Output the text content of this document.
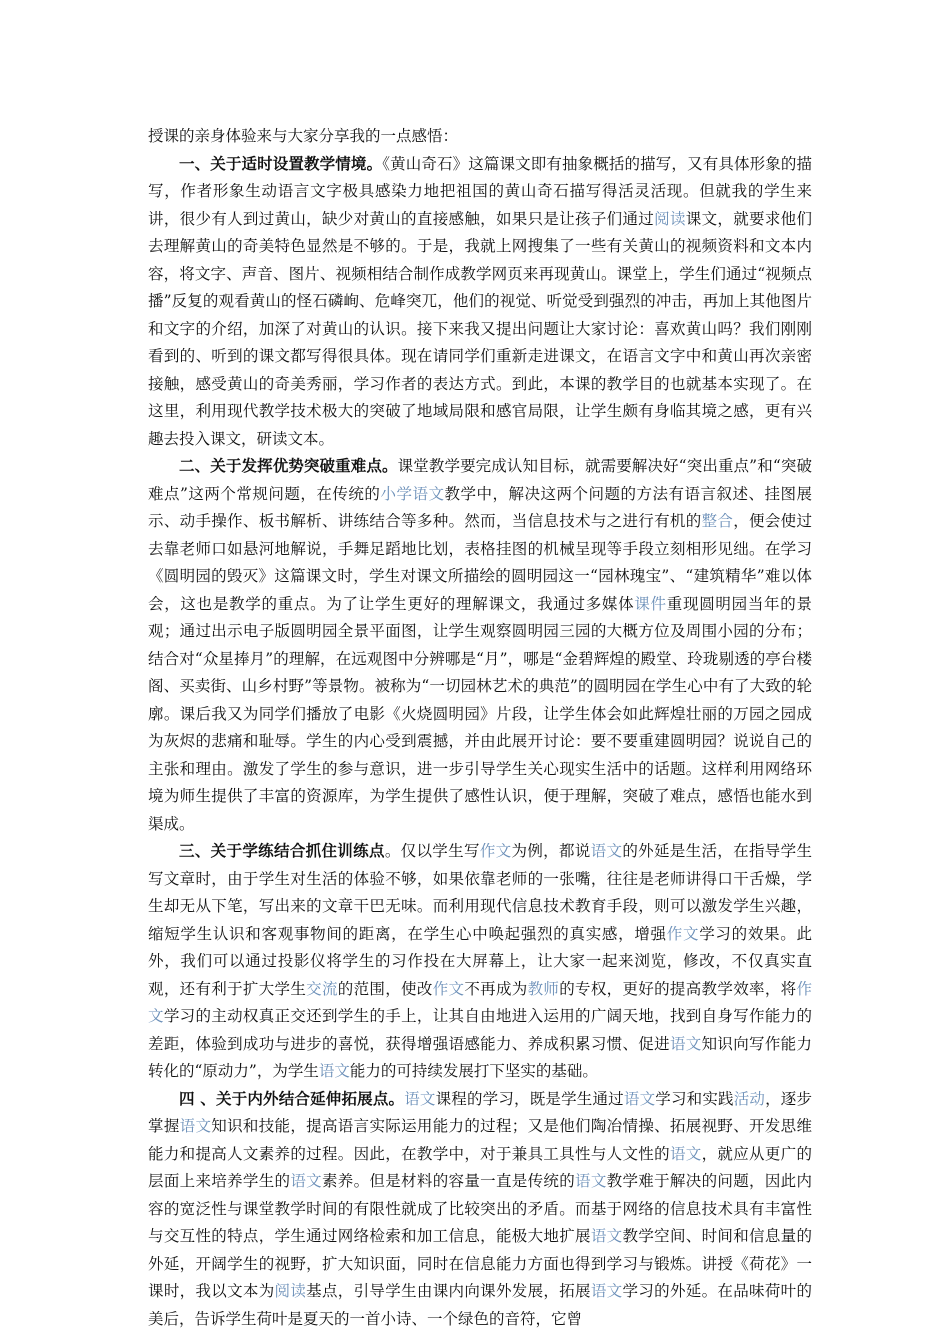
授课的亲身体验来与大家分享我的一点感悟：

一、关于适时设置教学情境。《黄山奇石》这篇课文即有抽象概括的描写，又有具体形象的描写，作者形象生动语言文字极具感染力地把祖国的黄山奇石描写得活灵活现。但就我的学生来讲，很少有人到过黄山，缺少对黄山的直接感触，如果只是让孩子们通过阅读课文，就要求他们去理解黄山的奇美特色显然是不够的。于是，我就上网搜集了一些有关黄山的视频资料和文本内容，将文字、声音、图片、视频相结合制作成教学网页来再现黄山。课堂上，学生们通过“视频点播”反复的观看黄山的怪石磷峋、危峰突兀，他们的视觉、听觉受到强烈的冲击，再加上其他图片和文字的介绍，加深了对黄山的认识。接下来我又提出问题让大家讨论：喜欢黄山吗？我们刚刚看到的、听到的课文都写得很具体。现在请同学们重新走进课文，在语言文字中和黄山再次亲密接触，感受黄山的奇美秀丽，学习作者的表达方式。到此，本课的教学目的也就基本实现了。在这里，利用现代教学技术极大的突破了地域局限和感官局限，让学生颇有身临其境之感，更有兴趣去投入课文，研读文本。

二、关于发挥优势突破重难点。课堂教学要完成认知目标，就需要解决好“突出重点”和“突破难点”这两个常规问题，在传统的小学语文教学中，解决这两个问题的方法有语言叙述、挂图展示、动手操作、板书解析、讲练结合等多种。然而，当信息技术与之进行有机的整合，便会使过去靠老师口如悬河地解说，手舞足蹈地比划，表格挂图的机械呈现等手段立刻相形见绌。在学习《圆明园的毁灭》这篇课文时，学生对课文所描绘的圆明园这一“园林瑰宝”、“建筑精华”难以体会，这也是教学的重点。为了让学生更好的理解课文，我通过多媒体课件重现圆明园当年的景观；通过出示电子版圆明园全景平面图，让学生观察圆明园三园的大概方位及周围小园的分布；结合对“众星捧月”的理解，在远观图中分辨哪是“月”，哪是“金碧辉煌的殿堂、玲珑剔透的亭台楼阁、买卖街、山乡村野”等景物。被称为“一切园林艺术的典范”的圆明园在学生心中有了大致的轮廓。课后我又为同学们播放了电影《火烧圆明园》片段，让学生体会如此辉煌壮丽的万园之园成为灰烬的悲痛和耻辱。学生的内心受到震撼，并由此展开讨论：要不要重建圆明园？说说自己的主张和理由。激发了学生的参与意识，进一步引导学生关心现实生活中的话题。这样利用网络环境为师生提供了丰富的资源库，为学生提供了感性认识，便于理解，突破了难点，感悟也能水到渠成。

三、关于学练结合抓住训练点。仅以学生写作文为例，都说语文的外延是生活，在指导学生写文章时，由于学生对生活的体验不够，如果依靠老师的一张嘴，往往是老师讲得口干舌燥，学生却无从下笔，写出来的文章干巴无味。而利用现代信息技术教育手段，则可以激发学生兴趣，缩短学生认识和客观事物间的距离，在学生心中唤起强烈的真实感，增强作文学习的效果。此外，我们可以通过投影仪将学生的习作投在大屏幕上，让大家一起来浏览，修改，不仅真实直观，还有利于扩大学生交流的范围，使改作文不再成为教师的专权，更好的提高教学效率，将作文学习的主动权真正交还到学生的手上，让其自由地进入运用的广阔天地，找到自身写作能力的差距，体验到成功与进步的喜悦，获得增强语感能力、养成积累习惯、促进语文知识向写作能力转化的“原动力”，为学生语文能力的可持续发展打下坚实的基础。

四 、关于内外结合延伸拓展点。语文课程的学习，既是学生通过语文学习和实践活动，逐步掌握语文知识和技能，提高语言实际运用能力的过程；又是他们陶冶情操、拓展视野、开发思维能力和提高人文素养的过程。因此，在教学中，对于兼具工具性与人文性的语文，就应从更广的层面上来培养学生的语文素养。但是材料的容量一直是传统的语文教学难于解决的问题，因此内容的宽泛性与课堂教学时间的有限性就成了比较突出的矛盾。而基于网络的信息技术具有丰富性与交互性的特点，学生通过网络检索和加工信息，能极大地扩展语文教学空间、时间和信息量的外延，开阔学生的视野，扩大知识面，同时在信息能力方面也得到学习与锻炼。讲授《荷花》一课时，我以文本为阅读基点，引导学生由课内向课外发展，拓展语文学习的外延。在品味荷叶的美后，告诉学生荷叶是夏天的一首小诗、一个绿色的音符，它曾
